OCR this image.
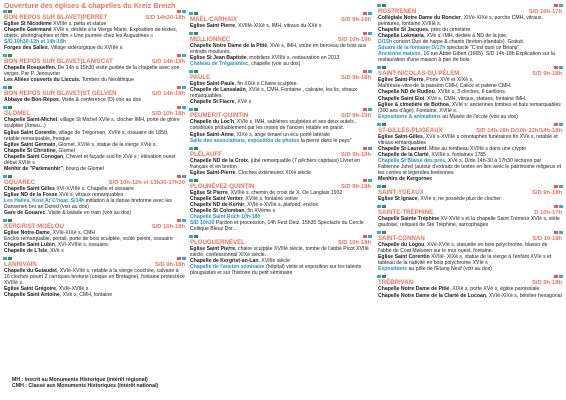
Ouverture des églises & chapelles du Kreiz Breizh
BON REPOS SUR BLAVET|PERRET	S/D 14h30-18h

Eglise St Nicodème XVIIIè s, piéta et statue

Chapelle Gwirmané XVIè s, dédiée à la Vierge Marie. Exposition de textes, objets, photographies et film « Une journée chez les Augustines »

S/D 10h30-12h et 14h-18h

Forges des Salles, Village sidérurgique du XVIIIè s.

BON REPOS SUR BLAVET|LANISCAT	S/D 14h-19h

Chapelle Rosquelfen. De 14h à 15h30 visite guidée de la chapelle avec son verger. Par P. Jenouvrier

Les Allées couverts du Liscuis. Tombes du Néolithique

BON REPOS SUR BLAVET|ST GELVEN	S/D 14h-18h

Abbaye de Bon-Repos, Visite & conférence (D) voir au dos

GLOMEL	S/D 10h-18h

Chapelle Saint-Michel, village St Michel XVIè s, clocher IMH, porte de gloire sculptée (Xmeu...)

Eglise Saint Corentin, village de Trégornan, XVIIè s, ossuaire de 1850, retable remarquable, fresque

Eglise Saint Germain, Glomel, XVIIè s, statue de la vierge XVIè s.

Chapelle St Christine, Glomel

Chapelle Saint Conogan, Chevet et façade sud fin XVè s ; élévation ouest début XVIIè s

Menhir de "Parkmenhir", bourg de Glomel

GOUAREC	S/D 10h-12h et 13h30-17h30

Chapelle Saint Gilles XVI-XVIIIè s. Chapelle et ossuaire

Eglise ND de la Fosse XVè s, vitraux remarquables

Les Halles, Kost Ar C'hoat. S/14h initiation à la danse bretonne avec les Danserien bro an Dored (voir au dos)

Gare de Gouarec. Visite & balade en train (voir au dos)

KERGRIST-MOËLOU	S/D 10h-18h

Eglise Notre-Dame, XVIè-XIXè s, CMH

Enclos remarquable, portail, porte de bois sculptée, voûte peinte, ossuaire

Chapelle Saint Lubin, XVI-XVIIIè s, ossuaire.

Chapelle de L'Isle, XVè s

LANRIVAIN	S/D 9h-18h

Chapelle du Guiaudet, XVIè-XVIIè s, retable à la vierge couchée, calvaire à 16 cloches pourri 2 carriques bretons (unique en Bretagne), fontaine protectrice XVIIIè s.

Eglise Saint Grégoire, XVIè-XVIIè s

Chapelle Saint Antoine, XVè s, CMH, fontaine

MAËL-CARHAIX	S/D 9h-18h

Eglise Saint Pierre, XVIIIè-XIXè s, IMH, vitraux du XXè s

MELLIONNEC	S/D 10h-19h

Chapelle Notre Dame de la Pitié, XVè s, IMH, voûte en berceau de bois aux entraits moulurés.

Eglise St Jean Baptiste, mobiliers XVIIIè s, restauration en 2013

Château de Trégarantec, chapelle (voir au dos)

PAULE	S/D 9h-18h

Eglise Saint-Paule, fin XIXè s Chaire sculptée.

Chapelle de Lansalaün, XVIè s, CMH, Fontaine , calvaire, les lis, vitraux remarquables.

Chapelle St Fiacre, XVè s

PEUMERIT-QUINTIN	S/D 9h-19h

Chapelle du Loc'h, XVIè s, IMH, sablières sculptées et ses deux autels , constitués probablement par les restes de l'ancien retable en granit.

Eglise Saint-Anne, XIXè s, ange tenant un écu porté latérale

Salle des associations, exposition de photos la pierre dans le pays"

PLÉLAUFF	S/D 9h-19h

Chapelle ND de la Croix, jubé remarquable (7 pêchers capitaux) Livret en français et en breton

Eglise Saint-Pierre. Cloches extérieures XIXè siècle

PLOUNÉVEZ-QUINTIN	S/D 9h-18h

Eglise St Pierre, XVIIIè s, chemin de croix de X. De Langlais 1932

Chapelle Saint Venter, XVIIè s, fontaine votive

Chapelle ND de Kerhir, XVIè s-XVIIè s, plafond, enclos

Chapelle St Colomban, fin XVème s

Chapelle Saint Roch 10h-18h

S/D 10h30 Pardon et procession, 14h Fest Deiz. 15h30 Spectacle du Cercle Celtique Bleuz Dor...

PLOUGUERNÉVEL	S/D 10h-18h

Eglise Saint Pierre, chaire sculptée XVIIIè siècle, tombe de l'abbé Picot XVIIè siècle, confessionnal XIXè siècle.

Chapelle de Kergrist-an-Lan, XVIIIè siècle

Chapelle de l'ancien séminaire (hôpital) visite et exposition sur les talents plouguistes et sur l'histoire du petit séminaire

ROSTRENEN	S/D 10h-17h

Collégiale Notre Dame du Roncier, XIVè-XIXè s, porche CMH, vitraux, peintures, fontaine XVIIIè s.

Chapelle St Jacques, près du cimetière

Chapelle Lokmaria, XVè s, IMH, dédiée à ND de la joie.

D/15h concert Duo de harpe & chants (breton-irlandais). Gratuit.

Square de la fontaine D/17h spectacle "C'est quoi ce Beans".

Ancienne maison, 16 rue Abbé Gibert (1665). S/D 14h-18h Explication sur la restauration d'une maison à pan de bois.

SAINT-NICOLAS-DU-PÉLEM	S/D 9h-18h

Eglise Saint-Pierre, Porte XVè et XIXè s.

Maîtresse-vitre de la passion CMH, Calice et patène CMH.

Chapelle ND de Rudlou, XVIIè s, 3 cloches, 6 carillons.

Chapelle Saint Eloi, XVè s, CMH, vitraux, statues, fontaine IMH.

Eglise & cimetière de Bothoa, XVIè s: anciennes tombes et buis remarquables (300 ans d'âge). Fontaine, XVIIè s.

Expositions & animations au Musée de l'école (voir au dos)

ST-GILLES-PLIGEAUX	S/D 14h-18h D/10h-12h/14h-18h

Eglise Saint-Gilles, XVè s-XVIIIè s cénotaphes funéraires fin XVè s, retable et vitraux remarquables

Chapelle St Laurent. Mise au tombeau XVIIIè s dans une crypte

Chapelle de la Clarté, XVIIIè s, fontaines 1785

Chapelle St Blaise des prés, XVè s, D/de 14h-30 à 17h30 lectures par Fabienne Juhel (autour d'extraits de textes en lien avec le patrimoine religieux et les contes et légendes bretonnes

Menhirs de Kergornec

SAINT-YGEAUX	S/D 9h-18h

Eglise St Ignace, XVIè s, ne possède plus de clocher

SAINTE-TRÉPHINE	D 10h-17h

Chapelle Sainte Tréphine XV-XVIè s et la chapelle Saint Trémeur XVIè s, stèle gauloise, reliques de Ste Tréphine, sarcophages

SAINT-CONNAN	S/D 10-18h

Chapelle du Logou, XVè-XVIè s, statuette en bois polychrome, blason de l'abbé de Coat Maluoen sur le mur ouest, fontaine.

Eglise Saint Corentin XVIIè- XIXè s, statue de la vierge à l'enfant XVIè s et tableau de la nativité en bois polychrome XVIè s

Expositions au pôle de l'Etang Neuf (voir au dos)

TRÉBRIVAN	S/D 9h-18h

Chapelle Notre Dame de Pitié, XIXè s, porte XVè s, église paroissiale

Chapelle Notre Dame de la Clarté de Locoan, XVIè-XIXè s, bénitier hexagonal

MH : Inscrit au Monuments Historique (intérêt régional)
CMH : Classé aux Monuments Historiques (intérêt national)
